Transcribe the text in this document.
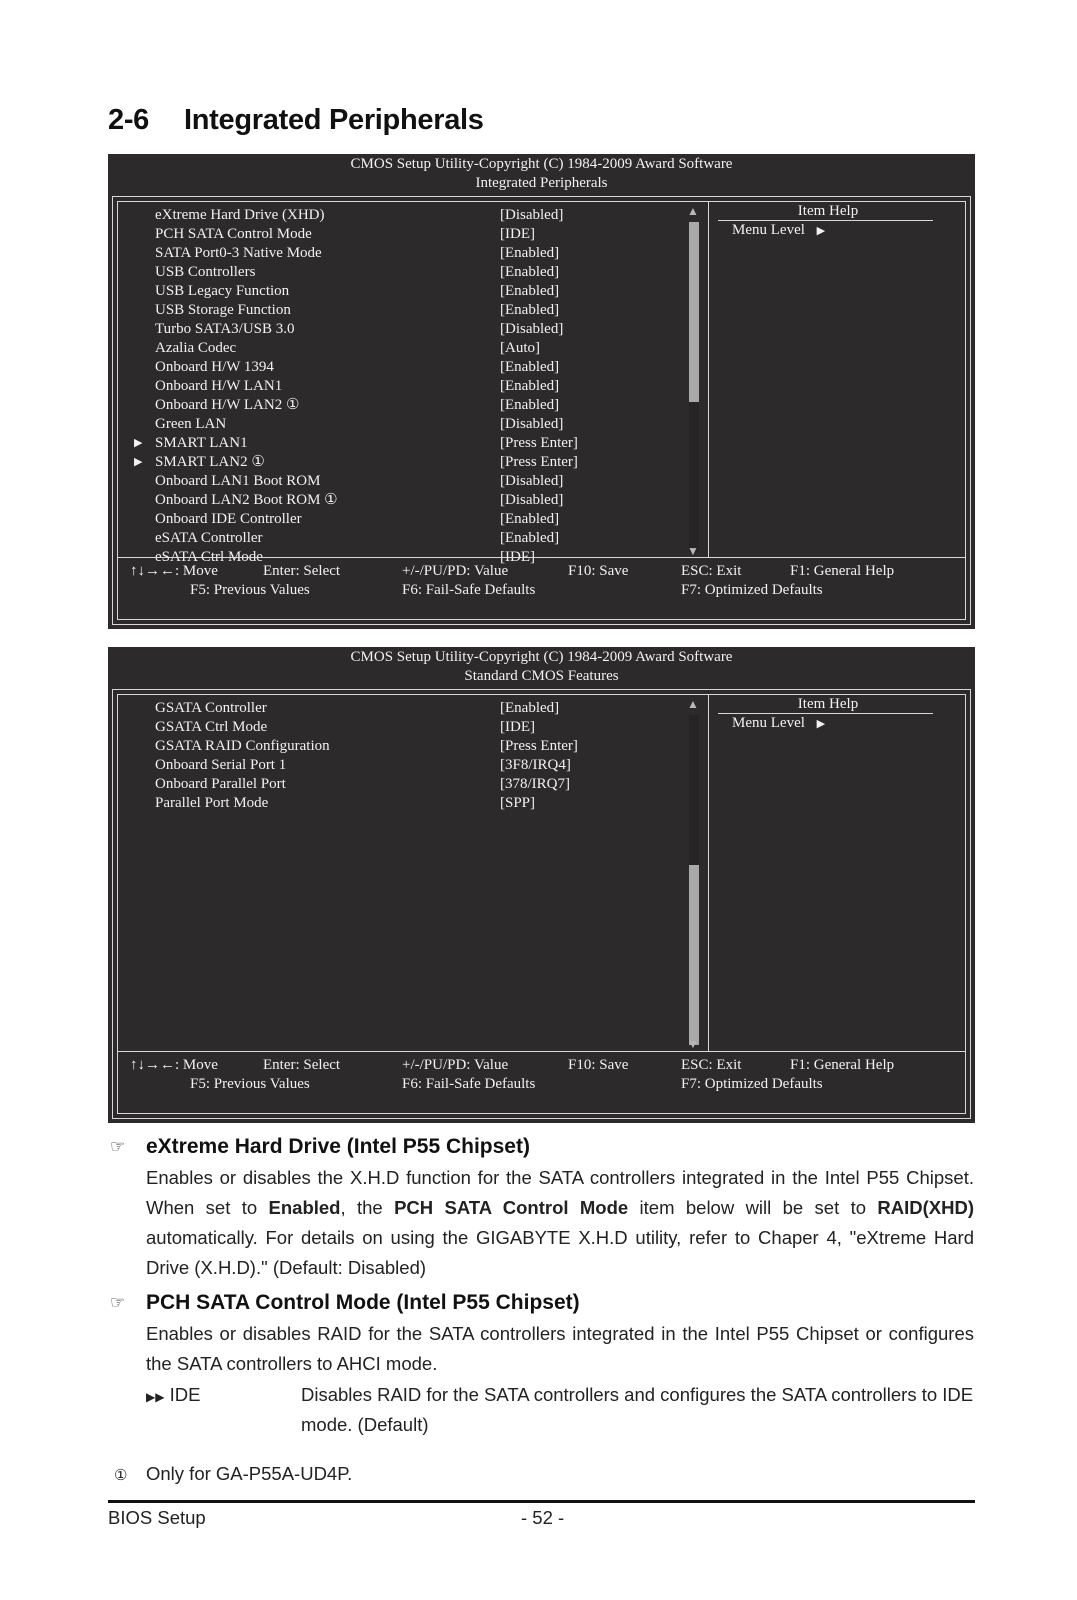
2-6 Integrated Peripherals
CMOS Setup Utility-Copyright (C) 1984-2009 Award Software
Integrated Peripherals
eXtreme Hard Drive (XHD)	[Disabled]
PCH SATA Control Mode	[IDE]
SATA Port0-3 Native Mode	[Enabled]
USB Controllers	[Enabled]
USB Legacy Function	[Enabled]
USB Storage Function	[Enabled]
Turbo SATA3/USB 3.0	[Disabled]
Azalia Codec	[Auto]
Onboard H/W 1394	[Enabled]
Onboard H/W LAN1	[Enabled]
Onboard H/W LAN2 ①	[Enabled]
Green LAN	[Disabled]
▶ SMART LAN1	[Press Enter]
▶ SMART LAN2 ①	[Press Enter]
Onboard LAN1 Boot ROM	[Disabled]
Onboard LAN2 Boot ROM ①	[Disabled]
Onboard IDE Controller	[Enabled]
eSATA Controller	[Enabled]
eSATA Ctrl Mode	[IDE]
▲
▼
Item Help
Menu Level ▶
↑↓→←: Move	Enter: Select	+/-/PU/PD: Value	F10: Save	ESC: Exit	F1: General Help
F5: Previous Values	F6: Fail-Safe Defaults	F7: Optimized Defaults
CMOS Setup Utility-Copyright (C) 1984-2009 Award Software
Standard CMOS Features
GSATA Controller	[Enabled]
GSATA Ctrl Mode	[IDE]
GSATA RAID Configuration	[Press Enter]
Onboard Serial Port 1	[3F8/IRQ4]
Onboard Parallel Port	[378/IRQ7]
Parallel Port Mode	[SPP]
▲
▼
Item Help
Menu Level ▶
↑↓→←: Move	Enter: Select	+/-/PU/PD: Value	F10: Save	ESC: Exit	F1: General Help
F5: Previous Values	F6: Fail-Safe Defaults	F7: Optimized Defaults
☞ eXtreme Hard Drive (Intel P55 Chipset)
Enables or disables the X.H.D function for the SATA controllers integrated in the Intel P55 Chipset. When set to Enabled, the PCH SATA Control Mode item below will be set to RAID(XHD) automatically. For details on using the GIGABYTE X.H.D utility, refer to Chaper 4, "eXtreme Hard Drive (X.H.D)." (Default: Disabled)
☞ PCH SATA Control Mode (Intel P55 Chipset)
Enables or disables RAID for the SATA controllers integrated in the Intel P55 Chipset or configures the SATA controllers to AHCI mode.
▶▶ IDE	Disables RAID for the SATA controllers and configures the SATA controllers to IDE mode. (Default)
① Only for GA-P55A-UD4P.
BIOS Setup	- 52 -
